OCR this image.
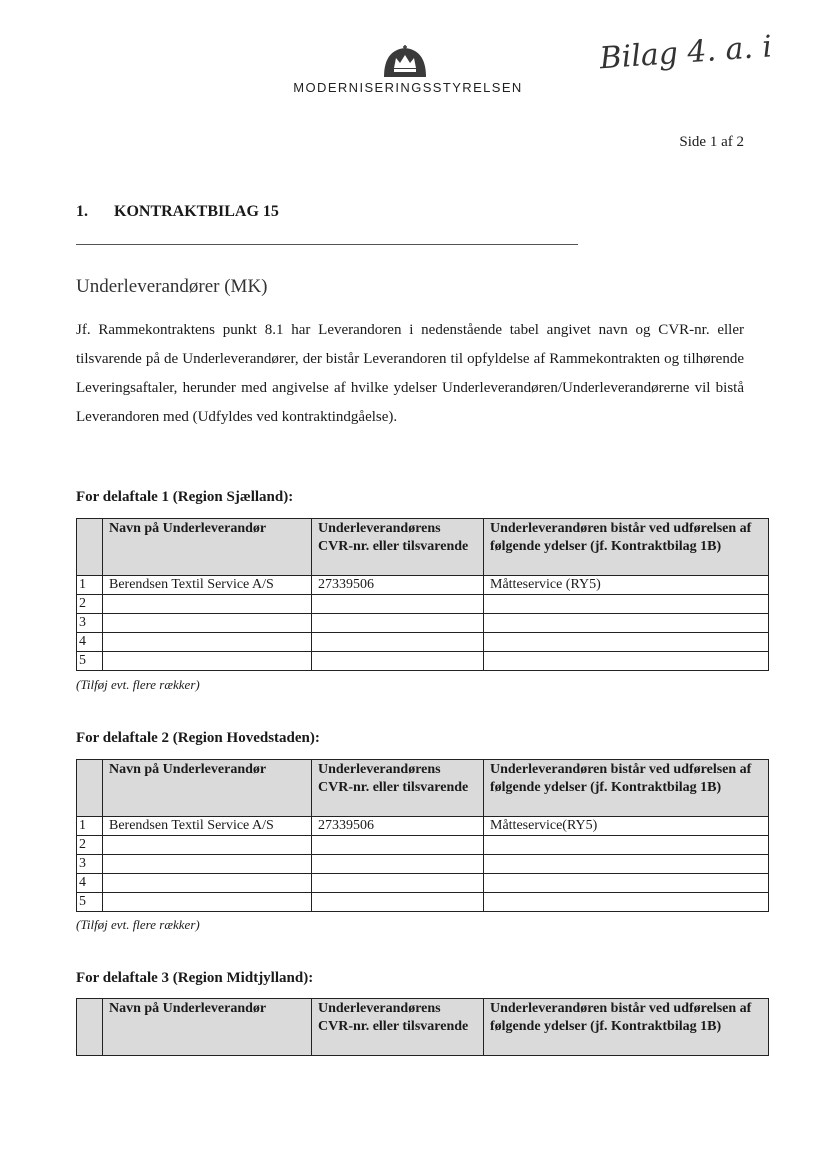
MODERNISERINGSSTYRELSEN
Bilag 4. a. i
Side 1 af 2
1. KONTRAKTBILAG 15
Underleverandører (MK)
Jf. Rammekontraktens punkt 8.1 har Leverandoren i nedenstående tabel angivet navn og CVR-nr. eller tilsvarende på de Underleverandører, der bistår Leverandoren til opfyldelse af Rammekontrakten og tilhørende Leveringsaftaler, herunder med angivelse af hvilke ydelser Underleverandøren/Underleverandørerne vil bistå Leverandoren med (Udfyldes ved kontraktindgåelse).
For delaftale 1 (Region Sjælland):
	Navn på Underleverandør	Underleverandørens CVR-nr. eller tilsvarende	Underleverandøren bistår ved udførelsen af følgende ydelser (jf. Kontraktbilag 1B)
1	Berendsen Textil Service A/S	27339506	Måtteservice (RY5)
2			
3			
4			
5			
(Tilføj evt. flere rækker)
For delaftale 2 (Region Hovedstaden):
	Navn på Underleverandør	Underleverandørens CVR-nr. eller tilsvarende	Underleverandøren bistår ved udførelsen af følgende ydelser (jf. Kontraktbilag 1B)
1	Berendsen Textil Service A/S	27339506	Måtteservice(RY5)
2			
3			
4			
5			
(Tilføj evt. flere rækker)
For delaftale 3 (Region Midtjylland):
	Navn på Underleverandør	Underleverandørens CVR-nr. eller tilsvarende	Underleverandøren bistår ved udførelsen af følgende ydelser (jf. Kontraktbilag 1B)
